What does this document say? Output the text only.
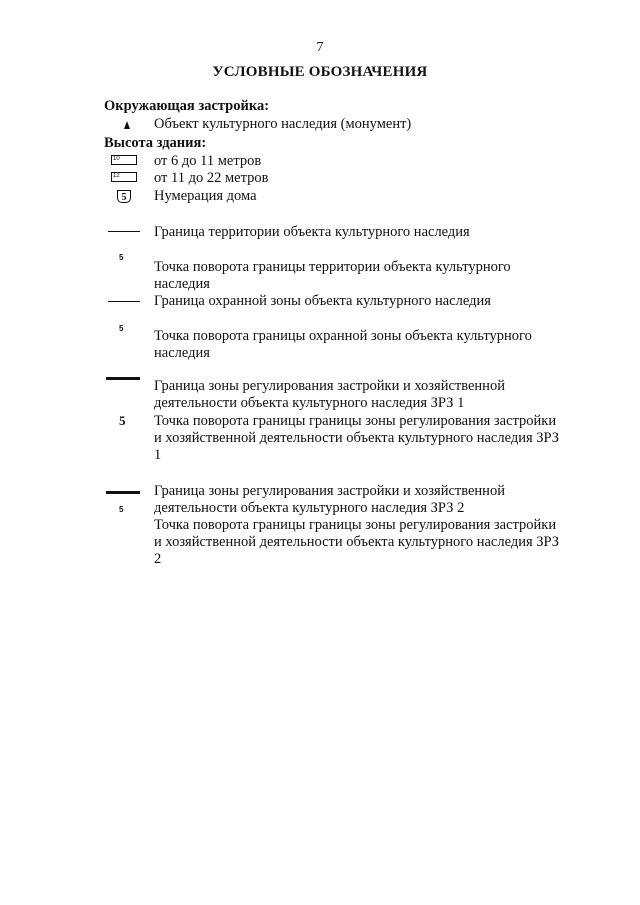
7
УСЛОВНЫЕ ОБОЗНАЧЕНИЯ
Окружающая застройка:
Объект культурного наследия (монумент)
Высота здания:
10 от 6 до 11 метров
12 от 11 до 22 метров
5	Нумерация дома
Граница территории объекта культурного наследия
5
Точка поворота границы территории объекта культурного наследия
Граница охранной зоны объекта культурного наследия
5 Точка поворота границы охранной зоны объекта культурного наследия
Граница зоны регулирования застройки и хозяйственной деятельности объекта культурного наследия ЗРЗ 1
5 Точка поворота границы границы зоны регулирования застройки и хозяйственной деятельности объекта культурного наследия ЗРЗ 1
Граница зоны регулирования застройки и хозяйственной деятельности объекта культурного наследия ЗРЗ 2
5
Точка поворота границы границы зоны регулирования застройки и хозяйственной деятельности объекта культурного наследия ЗРЗ 2
